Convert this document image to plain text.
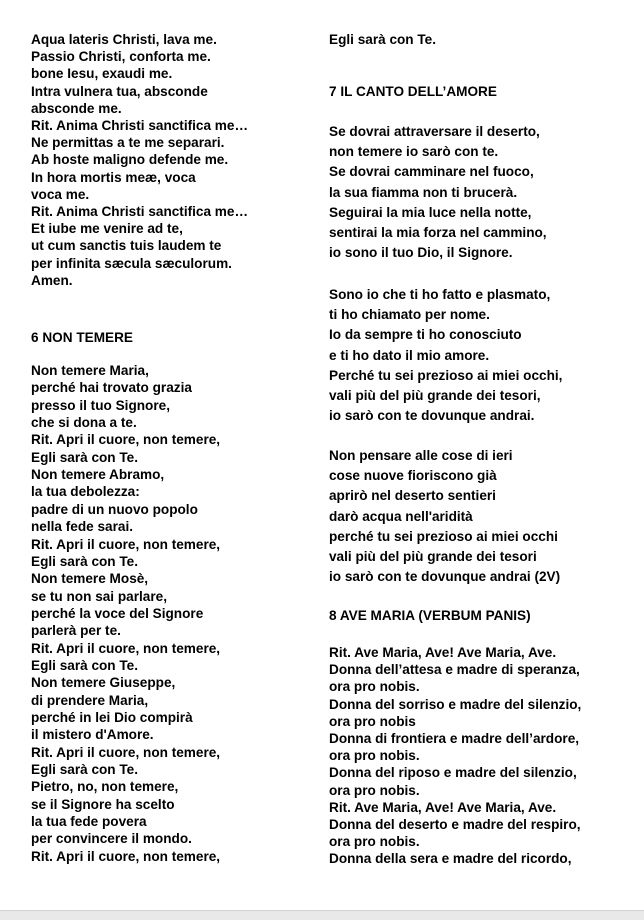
Aqua lateris Christi, lava me.
Passio Christi, conforta me.
bone Iesu, exaudi me.
Intra vulnera tua, absconde
absconde me.
Rit. Anima Christi sanctifica me…
Ne permittas a te me separari.
Ab hoste maligno defende me.
In hora mortis meæ, voca
voca me.
Rit. Anima Christi sanctifica me…
Et iube me venire ad te,
ut cum sanctis tuis laudem te
per infinita sæcula sæculorum.
Amen.
6 NON TEMERE
Non temere Maria,
perché hai trovato grazia
presso il tuo Signore,
che si dona a te.
Rit. Apri il cuore, non temere,
Egli sarà con Te.
Non temere Abramo,
la tua debolezza:
padre di un nuovo popolo
nella fede sarai.
Rit. Apri il cuore, non temere,
Egli sarà con Te.
Non temere Mosè,
se tu non sai parlare,
perché la voce del Signore
parlerà per te.
Rit. Apri il cuore, non temere,
Egli sarà con Te.
Non temere Giuseppe,
di prendere Maria,
perché in lei Dio compirà
il mistero d'Amore.
Rit. Apri il cuore, non temere,
Egli sarà con Te.
Pietro, no, non temere,
se il Signore ha scelto
la tua fede povera
per convincere il mondo.
Rit. Apri il cuore, non temere,
Egli sarà con Te.
7 IL CANTO DELL’AMORE
Se dovrai attraversare il deserto,
non temere io sarò con te.
Se dovrai camminare nel fuoco,
la sua fiamma non ti brucerà.
Seguirai la mia luce nella notte,
sentirai la mia forza nel cammino,
io sono il tuo Dio, il Signore.
Sono io che ti ho fatto e plasmato,
ti ho chiamato per nome.
Io da sempre ti ho conosciuto
e ti ho dato il mio amore.
Perché tu sei prezioso ai miei occhi,
vali più del più grande dei tesori,
io sarò con te dovunque andrai.
Non pensare alle cose di ieri
cose nuove fioriscono già
aprirò nel deserto sentieri
darò acqua nell'aridità
perché tu sei prezioso ai miei occhi
vali più del più grande dei tesori
io sarò con te dovunque andrai (2V)
8 AVE MARIA (VERBUM PANIS)
Rit. Ave Maria, Ave! Ave Maria, Ave.
Donna dell’attesa e madre di speranza,
ora pro nobis.
Donna del sorriso e madre del silenzio,
ora pro nobis
Donna di frontiera e madre dell’ardore,
ora pro nobis.
Donna del riposo e madre del silenzio,
ora pro nobis.
Rit. Ave Maria, Ave! Ave Maria, Ave.
Donna del deserto e madre del respiro,
ora pro nobis.
Donna della sera e madre del ricordo,
